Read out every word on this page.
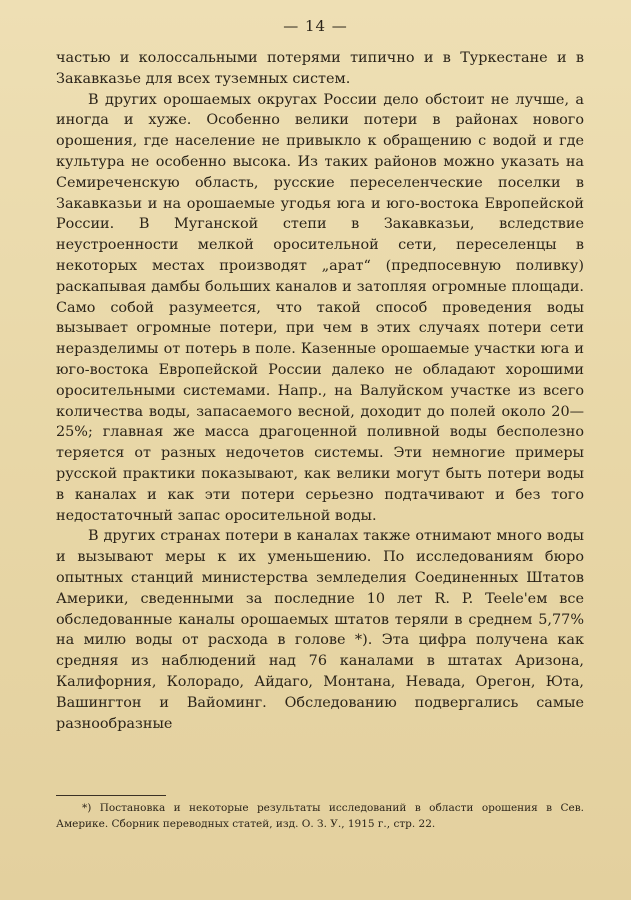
— 14 —

частью и колоссальными потерями типично и в Туркестане и в Закавказье для всех туземных систем.

В других орошаемых округах России дело обстоит не лучше, а иногда и хуже. Особенно велики потери в районах нового орошения, где население не привыкло к обращению с водой и где культура не особенно высока. Из таких районов можно указать на Семиреченскую область, русские переселенческие поселки в Закавказьи и на орошаемые угодья юга и юго-востока Европейской России. В Муганской степи в Закавказьи, вследствие неустроенности мелкой оросительной сети, переселенцы в некоторых местах производят „арат“ (предпосевную поливку) раскапывая дамбы больших каналов и затопляя огромные площади. Само собой разумеется, что такой способ проведения воды вызывает огромные потери, при чем в этих случаях потери сети неразделимы от потерь в поле. Казенные орошаемые участки юга и юго-востока Европейской России далеко не обладают хорошими оросительными системами. Напр., на Валуйском участке из всего количества воды, запасаемого весной, доходит до полей около 20—25%; главная же масса драгоценной поливной воды бесполезно теряется от разных недочетов системы. Эти немногие примеры русской практики показывают, как велики могут быть потери воды в каналах и как эти потери серьезно подтачивают и без того недостаточный запас оросительной воды.

В других странах потери в каналах также отнимают много воды и вызывают меры к их уменьшению. По исследованиям бюро опытных станций министерства земледелия Соединенных Штатов Америки, сведенными за последние 10 лет R. P. Teele'ем все обследованные каналы орошаемых штатов теряли в среднем 5,77% на милю воды от расхода в голове *). Эта цифра получена как средняя из наблюдений над 76 каналами в штатах Аризона, Калифорния, Колорадо, Айдаго, Монтана, Невада, Орегон, Юта, Вашингтон и Вайоминг. Обследованию подвергались самые разнообразные

*) Постановка и некоторые результаты исследований в области орошения в Сев. Америке. Сборник переводных статей, изд. О. З. У., 1915 г., стр. 22.
